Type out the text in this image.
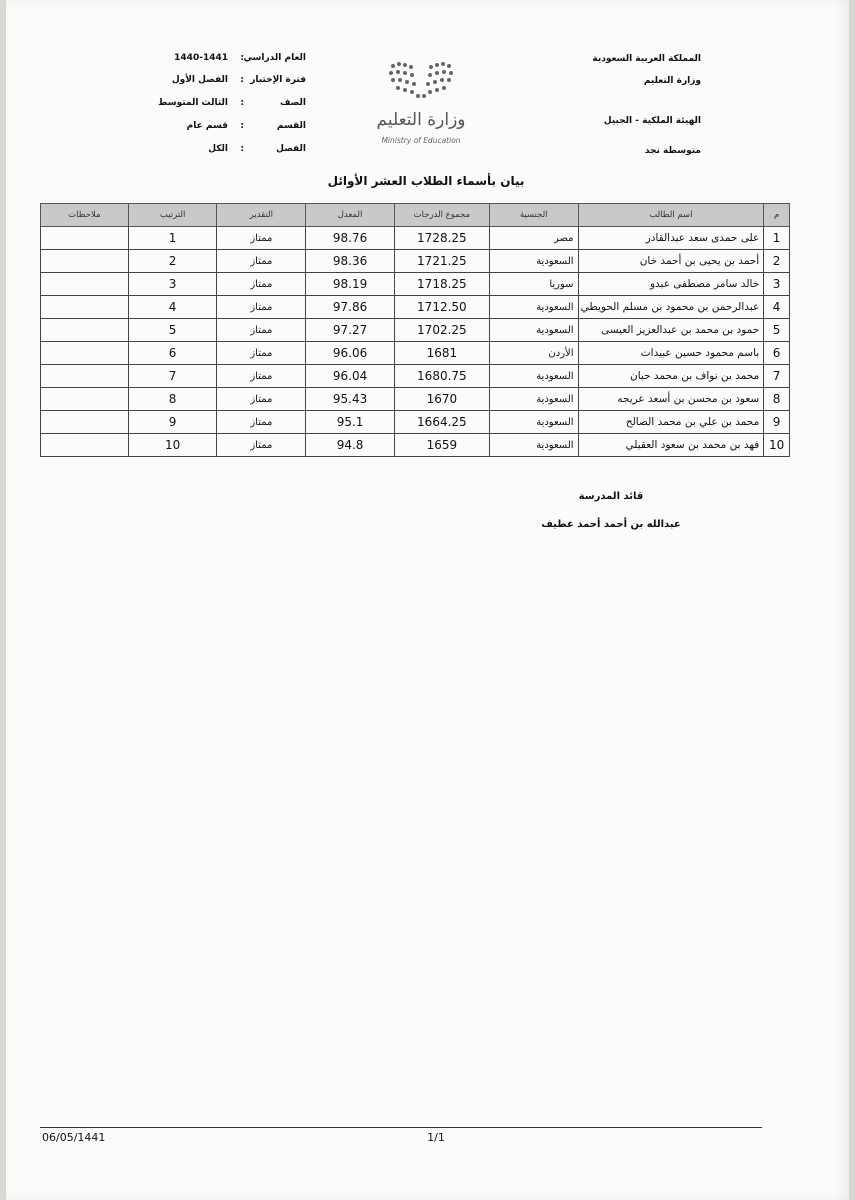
المملكة العربية السعودية
وزارة التعليم
الهيئة الملكية - الجبيل
متوسطة نجد
وزارة التعليم
Ministry of Education
العام الدراسي
:
1440-1441
فترة الإختبار
:
الفصل الأول
الصف
:
الثالث المتوسط
القسم
:
قسم عام
الفصل
:
الكل
بيان بأسماء الطلاب العشر الأوائل
م	اسم الطالب	الجنسية	مجموع الدرجات	المعدل	التقدير	الترتيب	ملاحظات
1	على حمدى سعد عبدالقادر	مصر	1728.25	98.76	ممتاز	1	
2	أحمد بن يحيى بن أحمد خان	السعودية	1721.25	98.36	ممتاز	2	
3	خالد سامر مصطفى عبدو	سوريا	1718.25	98.19	ممتاز	3	
4	عبدالرحمن بن محمود بن مسلم الحويطي	السعودية	1712.50	97.86	ممتاز	4	
5	حمود بن محمد بن عبدالعزيز العيسى	السعودية	1702.25	97.27	ممتاز	5	
6	باسم محمود حسين عبيدات	الأردن	1681	96.06	ممتاز	6	
7	محمد بن نواف بن محمد حبان	السعودية	1680.75	96.04	ممتاز	7	
8	سعود بن محسن بن أسعد عريجه	السعودية	1670	95.43	ممتاز	8	
9	محمد بن علي بن محمد الصالح	السعودية	1664.25	95.1	ممتاز	9	
10	فهد بن محمد بن سعود العقيلي	السعودية	1659	94.8	ممتاز	10	
قائد المدرسة
عبدالله بن أحمد أحمد عطيف
06/05/1441	1/1
